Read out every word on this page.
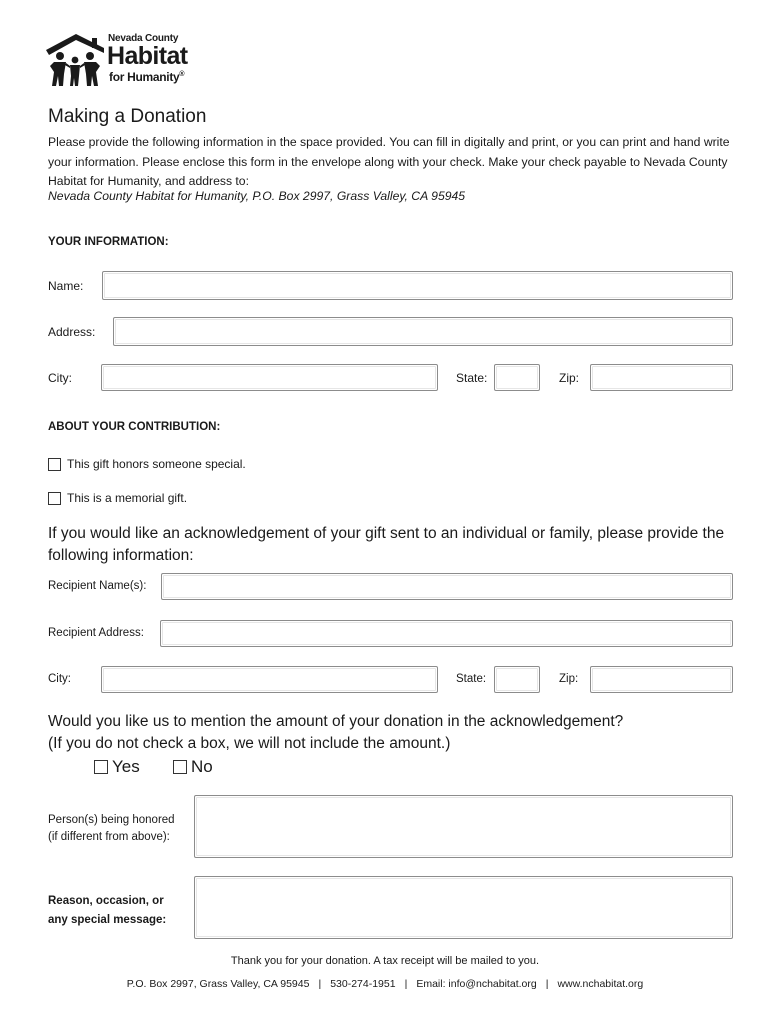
Nevada County
Habitat
for Humanity®
Making a Donation
Please provide the following information in the space provided. You can fill in digitally and print, or you can print and hand write your information. Please enclose this form in the envelope along with your check. Make your check payable to Nevada County Habitat for Humanity, and address to:
Nevada County Habitat for Humanity, P.O. Box 2997, Grass Valley, CA 95945
YOUR INFORMATION:
Name:
Address:
City:	State:	Zip:
ABOUT YOUR CONTRIBUTION:
This gift honors someone special.
This is a memorial gift.
If you would like an acknowledgement of your gift sent to an individual or family, please provide the following information:
Recipient Name(s):
Recipient Address:
City:	State:	Zip:
Would you like us to mention the amount of your donation in the acknowledgement?
(If you do not check a box, we will not include the amount.)
Yes	No
Person(s) being honored
(if different from above):
Reason, occasion, or
any special message:
Thank you for your donation. A tax receipt will be mailed to you.
P.O. Box 2997, Grass Valley, CA 95945 | 530-274-1951 | Email: info@nchabitat.org | www.nchabitat.org
